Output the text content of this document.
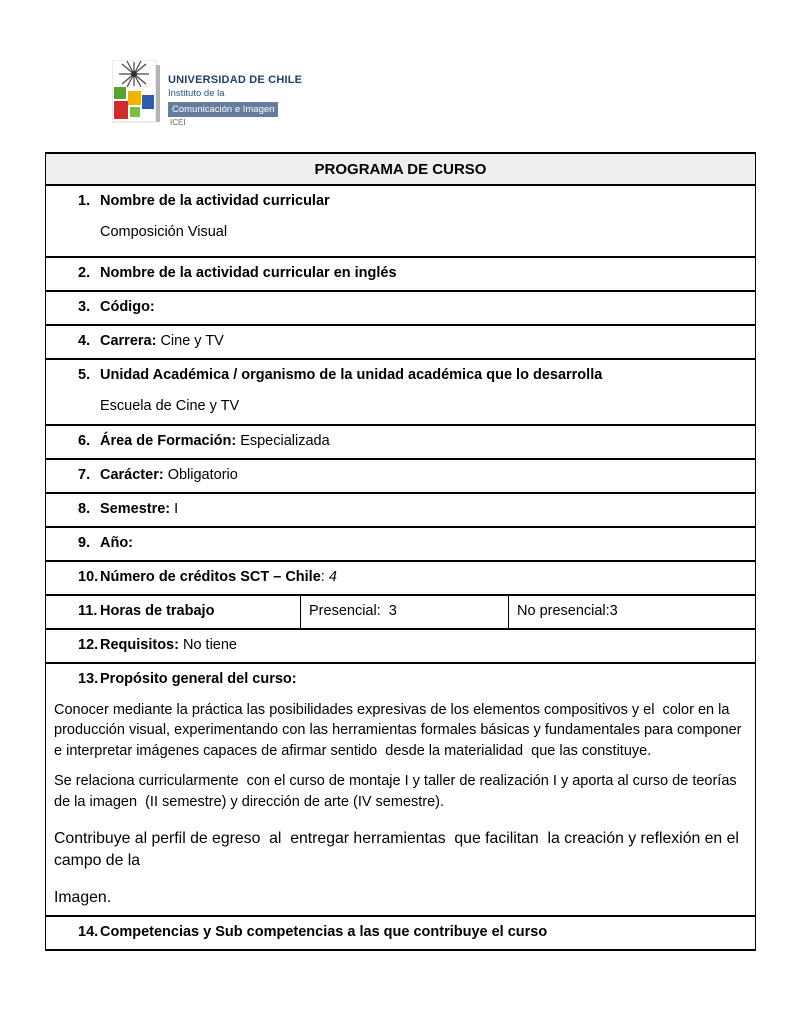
UNIVERSIDAD DE CHILE
Instituto de la
Comunicación e Imagen
ICEI
PROGRAMA DE CURSO

1. Nombre de la actividad curricular
Composición Visual

2. Nombre de la actividad curricular en inglés

3. Código:

4. Carrera: Cine y TV

5. Unidad Académica / organismo de la unidad académica que lo desarrolla
Escuela de Cine y TV

6. Área de Formación: Especializada

7. Carácter: Obligatorio

8. Semestre: I

9. Año:

10. Número de créditos SCT – Chile: 4

11. Horas de trabajo	Presencial:  3	No presencial:3

12. Requisitos: No tiene

13. Propósito general del curso:

Conocer mediante la práctica las posibilidades expresivas de los elementos compositivos y el  color en la producción visual, experimentando con las herramientas formales básicas y fundamentales para componer e interpretar imágenes capaces de afirmar sentido  desde la materialidad  que las constituye.

Se relaciona curricularmente  con el curso de montaje I y taller de realización I y aporta al curso de teorías de la imagen  (II semestre) y dirección de arte (IV semestre).

Contribuye al perfil de egreso  al  entregar herramientas  que facilitan  la creación y reflexión en el campo de la

Imagen.

14. Competencias y Sub competencias a las que contribuye el curso
